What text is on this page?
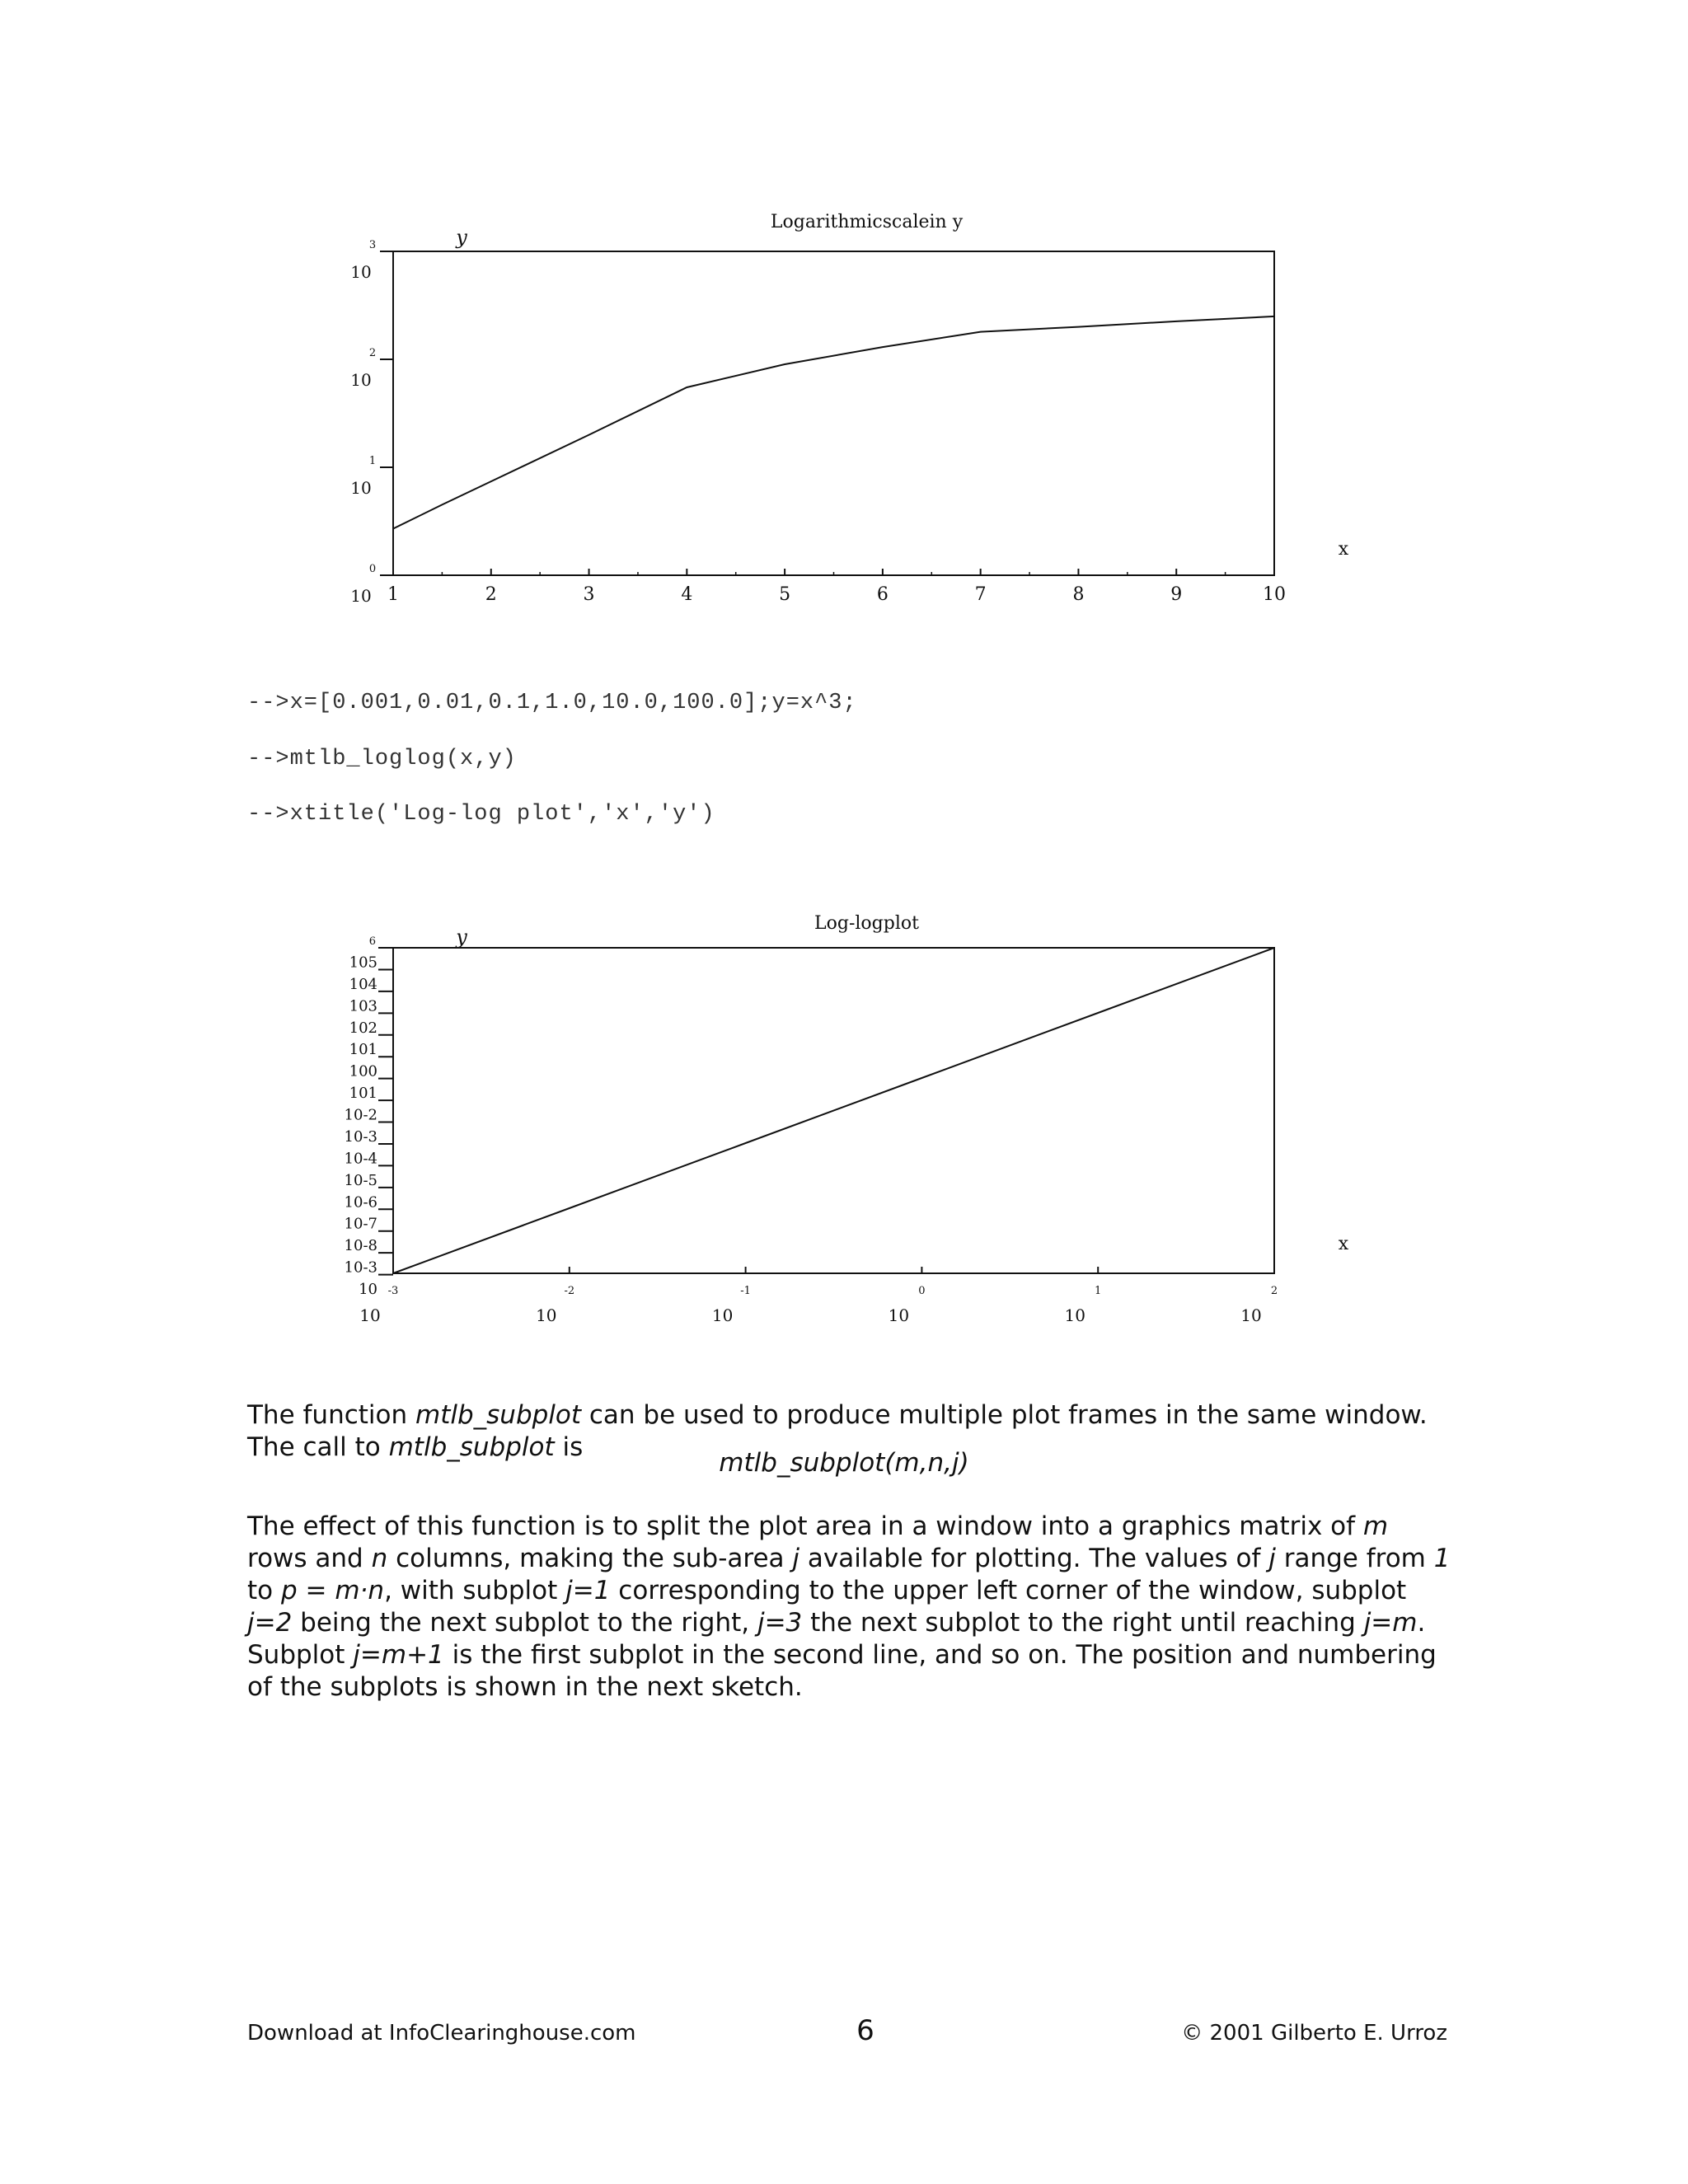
Logarithmicscalein y
y
x
1	2	3	4	5	6	7	8	9	10
10
0
10
1
10
2
10
3
-->x=[0.001,0.01,0.1,1.0,10.0,100.0];y=x^3;
-->mtlb_loglog(x,y)
-->xtitle('Log-log plot','x','y')
Log-logplot
y
x
-3
10
-2
10
-1
10
0
10
1
10
2
10
10
10-3
10-8
10-7
10-6
10-5
10-4
10-3
10-2
101
100
101
102
103
104
105
6
The function mtlb_subplot can be used to produce multiple plot frames in the same window. The call to mtlb_subplot is
mtlb_subplot(m,n,j)
The effect of this function is to split the plot area in a window into a graphics matrix of m rows and n columns, making the sub-area j available for plotting. The values of j range from 1 to p = m·n, with subplot j=1 corresponding to the upper left corner of the window, subplot j=2 being the next subplot to the right, j=3 the next subplot to the right until reaching j=m. Subplot j=m+1 is the first subplot in the second line, and so on. The position and numbering of the subplots is shown in the next sketch.
Download at InfoClearinghouse.com	6	© 2001 Gilberto E. Urroz
